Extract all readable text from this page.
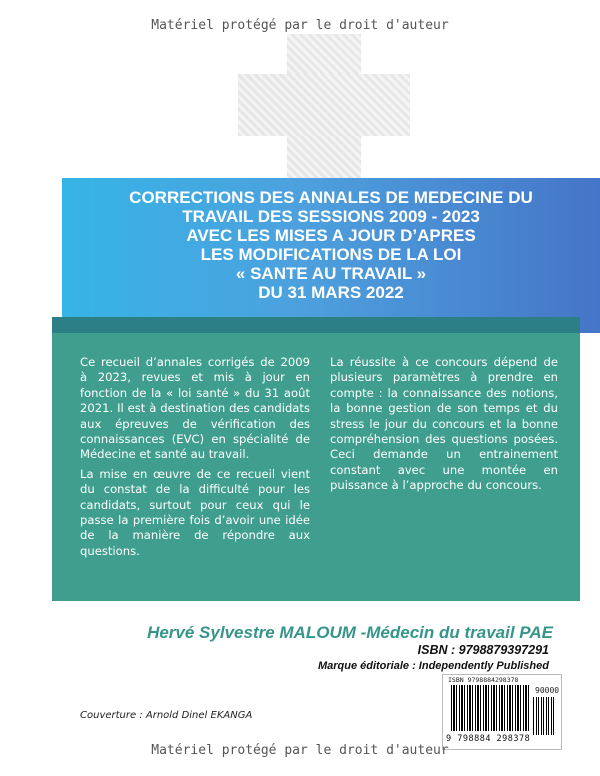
Matériel protégé par le droit d'auteur
CORRECTIONS DES ANNALES DE MEDECINE DU
TRAVAIL DES SESSIONS 2009 - 2023
AVEC LES MISES A JOUR D’APRES
LES MODIFICATIONS DE LA LOI
« SANTE AU TRAVAIL »
DU 31 MARS 2022

Ce recueil d’annales corrigés de 2009 à 2023, revues et mis à jour en fonction de la « loi santé » du 31 août 2021. Il est à destination des candidats aux épreuves de vérification des connaissances (EVC) en spécialité de Médecine et santé au travail.

La mise en œuvre de ce recueil vient du constat de la difficulté pour les candidats, surtout pour ceux qui le passe la première fois d’avoir une idée de la manière de répondre aux questions.

La réussite à ce concours dépend de plusieurs paramètres à prendre en compte : la connaissance des notions, la bonne gestion de son temps et du stress le jour du concours et la bonne compréhension des questions posées. Ceci demande un entrainement constant avec une montée en puissance à l’approche du concours.

Hervé Sylvestre MALOUM -Médecin du travail PAE
ISBN : 9798879397291
Marque éditoriale : Independently Published
ISBN 9798884298378
90000
9 798884 298378
Couverture : Arnold Dinel EKANGA
Matériel protégé par le droit d'auteur
